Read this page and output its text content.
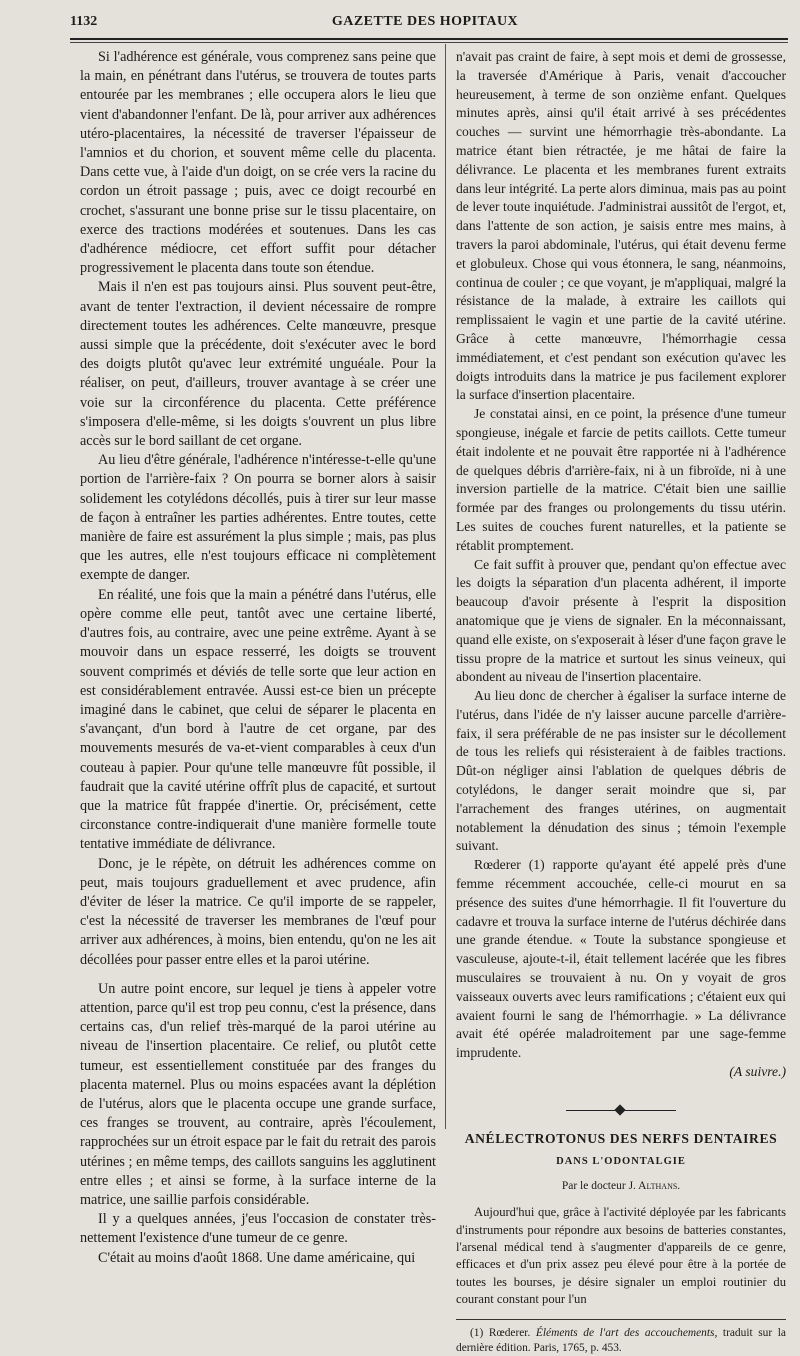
1132	GAZETTE DES HOPITAUX

Si l'adhérence est générale, vous comprenez sans peine que la main, en pénétrant dans l'utérus, se trouvera de toutes parts entourée par les membranes ; elle occupera alors le lieu que vient d'abandonner l'enfant. De là, pour arriver aux adhérences utéro-placentaires, la nécessité de traverser l'épaisseur de l'amnios et du chorion, et souvent même celle du placenta. Dans cette vue, à l'aide d'un doigt, on se crée vers la racine du cordon un étroit passage ; puis, avec ce doigt recourbé en crochet, s'assurant une bonne prise sur le tissu placentaire, on exerce des tractions modérées et soutenues. Dans les cas d'adhérence médiocre, cet effort suffit pour détacher progressivement le placenta dans toute son étendue.

Mais il n'en est pas toujours ainsi. Plus souvent peut-être, avant de tenter l'extraction, il devient nécessaire de rompre directement toutes les adhérences. Celte manœuvre, presque aussi simple que la précédente, doit s'exécuter avec le bord des doigts plutôt qu'avec leur extrémité unguéale. Pour la réaliser, on peut, d'ailleurs, trouver avantage à se créer une voie sur la circonférence du placenta. Cette préférence s'imposera d'elle-même, si les doigts s'ouvrent un plus libre accès sur le bord saillant de cet organe.

Au lieu d'être générale, l'adhérence n'intéresse-t-elle qu'une portion de l'arrière-faix ? On pourra se borner alors à saisir solidement les cotylédons décollés, puis à tirer sur leur masse de façon à entraîner les parties adhérentes. Entre toutes, cette manière de faire est assurément la plus simple ; mais, pas plus que les autres, elle n'est toujours efficace ni complètement exempte de danger.

En réalité, une fois que la main a pénétré dans l'utérus, elle opère comme elle peut, tantôt avec une certaine liberté, d'autres fois, au contraire, avec une peine extrême. Ayant à se mouvoir dans un espace resserré, les doigts se trouvent souvent comprimés et déviés de telle sorte que leur action en est considérablement entravée. Aussi est-ce bien un précepte imaginé dans le cabinet, que celui de séparer le placenta en s'avançant, d'un bord à l'autre de cet organe, par des mouvements mesurés de va-et-vient comparables à ceux d'un couteau à papier. Pour qu'une telle manœuvre fût possible, il faudrait que la cavité utérine offrît plus de capacité, et surtout que la matrice fût frappée d'inertie. Or, précisément, cette circonstance contre-indiquerait d'une manière formelle toute tentative immédiate de délivrance.

Donc, je le répète, on détruit les adhérences comme on peut, mais toujours graduellement et avec prudence, afin d'éviter de léser la matrice. Ce qu'il importe de se rappeler, c'est la nécessité de traverser les membranes de l'œuf pour arriver aux adhérences, à moins, bien entendu, qu'on ne les ait décollées pour passer entre elles et la paroi utérine.

Un autre point encore, sur lequel je tiens à appeler votre attention, parce qu'il est trop peu connu, c'est la présence, dans certains cas, d'un relief très-marqué de la paroi utérine au niveau de l'insertion placentaire. Ce relief, ou plutôt cette tumeur, est essentiellement constituée par des franges du placenta maternel. Plus ou moins espacées avant la déplétion de l'utérus, alors que le placenta occupe une grande surface, ces franges se trouvent, au contraire, après l'écoulement, rapprochées sur un étroit espace par le fait du retrait des parois utérines ; en même temps, des caillots sanguins les agglutinent entre elles ; et ainsi se forme, à la surface interne de la matrice, une saillie parfois considérable.

Il y a quelques années, j'eus l'occasion de constater très-nettement l'existence d'une tumeur de ce genre.

C'était au moins d'août 1868. Une dame américaine, qui

n'avait pas craint de faire, à sept mois et demi de grossesse, la traversée d'Amérique à Paris, venait d'accoucher heureusement, à terme de son onzième enfant. Quelques minutes après, ainsi qu'il était arrivé à ses précédentes couches — survint une hémorrhagie très-abondante. La matrice étant bien rétractée, je me hâtai de faire la délivrance. Le placenta et les membranes furent extraits dans leur intégrité. La perte alors diminua, mais pas au point de lever toute inquiétude. J'administrai aussitôt de l'ergot, et, dans l'attente de son action, je saisis entre mes mains, à travers la paroi abdominale, l'utérus, qui était devenu ferme et globuleux. Chose qui vous étonnera, le sang, néanmoins, continua de couler ; ce que voyant, je m'appliquai, malgré la résistance de la malade, à extraire les caillots qui remplissaient le vagin et une partie de la cavité utérine. Grâce à cette manœuvre, l'hémorrhagie cessa immédiatement, et c'est pendant son exécution qu'avec les doigts introduits dans la matrice je pus facilement explorer la surface d'insertion placentaire.

Je constatai ainsi, en ce point, la présence d'une tumeur spongieuse, inégale et farcie de petits caillots. Cette tumeur était indolente et ne pouvait être rapportée ni à l'adhérence de quelques débris d'arrière-faix, ni à un fibroïde, ni à une inversion partielle de la matrice. C'était bien une saillie formée par des franges ou prolongements du tissu utérin. Les suites de couches furent naturelles, et la patiente se rétablit promptement.

Ce fait suffit à prouver que, pendant qu'on effectue avec les doigts la séparation d'un placenta adhérent, il importe beaucoup d'avoir présente à l'esprit la disposition anatomique que je viens de signaler. En la méconnaissant, quand elle existe, on s'exposerait à léser d'une façon grave le tissu propre de la matrice et surtout les sinus veineux, qui abondent au niveau de l'insertion placentaire.

Au lieu donc de chercher à égaliser la surface interne de l'utérus, dans l'idée de n'y laisser aucune parcelle d'arrière-faix, il sera préférable de ne pas insister sur le décollement de tous les reliefs qui résisteraient à de faibles tractions. Dût-on négliger ainsi l'ablation de quelques débris de cotylédons, le danger serait moindre que si, par l'arrachement des franges utérines, on augmentait notablement la dénudation des sinus ; témoin l'exemple suivant.

Rœderer (1) rapporte qu'ayant été appelé près d'une femme récemment accouchée, celle-ci mourut en sa présence des suites d'une hémorrhagie. Il fit l'ouverture du cadavre et trouva la surface interne de l'utérus déchirée dans une grande étendue. « Toute la substance spongieuse et vasculeuse, ajoute-t-il, était tellement lacérée que les fibres musculaires se trouvaient à nu. On y voyait de gros vaisseaux ouverts avec leurs ramifications ; c'étaient eux qui avaient fourni le sang de l'hémorrhagie. » La délivrance avait été opérée maladroitement par une sage-femme imprudente.

(A suivre.)
ANÉLECTROTONUS DES NERFS DENTAIRES
DANS L'ODONTALGIE
Par le docteur J. Althans.

Aujourd'hui que, grâce à l'activité déployée par les fabricants d'instruments pour répondre aux besoins de batteries constantes, l'arsenal médical tend à s'augmenter d'appareils de ce genre, efficaces et d'un prix assez peu élevé pour être à la portée de toutes les bourses, je désire signaler un emploi routinier du courant constant pour l'un

(1) Rœderer. Éléments de l'art des accouchements, traduit sur la dernière édition. Paris, 1765, p. 453.
